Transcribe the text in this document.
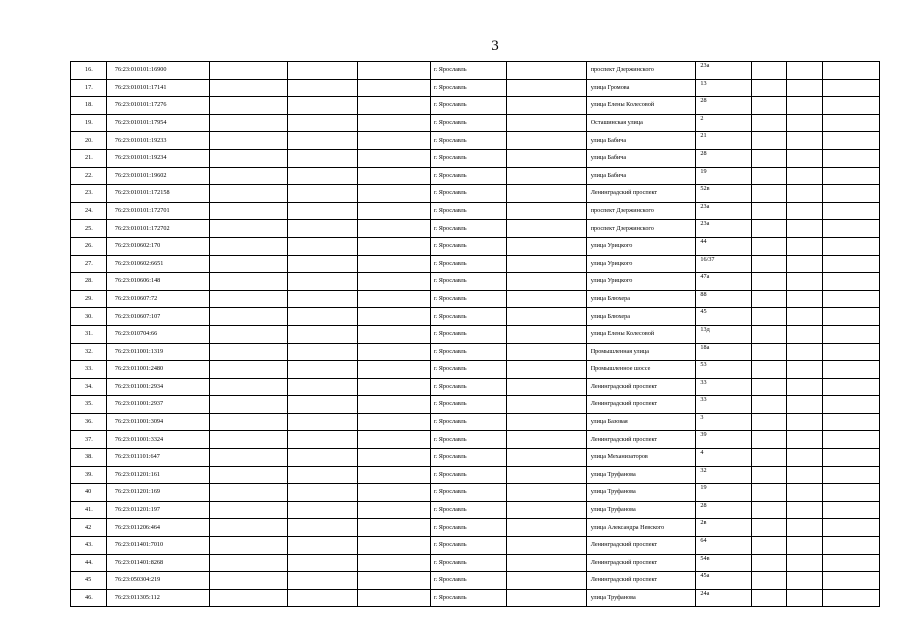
3
16.	76:23:010101:16900				г. Ярославль		проспект Дзержинского	23а			
17.	76:23:010101:17141				г. Ярославль		улица Громова	13			
18.	76:23:010101:17276				г. Ярославль		улица Елены Колесовой	28			
19.	76:23:010101:17954				г. Ярославль		Осташинская улица	2			
20.	76:23:010101:19233				г. Ярославль		улица Бабича	21			
21.	76:23:010101:19234				г. Ярославль		улица Бабича	28			
22.	76:23:010101:19602				г. Ярославль		улица Бабича	19			
23.	76:23:010101:172158				г. Ярославль		Ленинградский проспект	52в			
24.	76:23:010101:172701				г. Ярославль		проспект Дзержинского	23а			
25.	76:23:010101:172702				г. Ярославль		проспект Дзержинского	23а			
26.	76:23:010602:170				г. Ярославль		улица Урицкого	44			
27.	76:23:010602:6651				г. Ярославль		улица Урицкого	16/37			
28.	76:23:010606:148				г. Ярославль		улица Урицкого	47а			
29.	76:23:010607:72				г. Ярославль		улица Блюхера	88			
30.	76:23:010607:107				г. Ярославль		улица Блюхера	45			
31.	76:23:010704:66				г. Ярославль		улица Елены Колесовой	13д			
32.	76:23:011001:1319				г. Ярославль		Промышленная улица	18а			
33.	76:23:011001:2480				г. Ярославль		Промышленное шоссе	53			
34.	76:23:011001:2934				г. Ярославль		Ленинградский проспект	33			
35.	76:23:011001:2937				г. Ярославль		Ленинградский проспект	33			
36.	76:23:011001:3094				г. Ярославль		улица Базовая	3			
37.	76:23:011001:3324				г. Ярославль		Ленинградский проспект	39			
38.	76:23:011101:647				г. Ярославль		улица Механизаторов	4			
39.	76:23:011201:161				г. Ярославль		улица Труфанова	32			
40	76:23:011201:169				г. Ярославль		улица Труфанова	19			
41.	76:23:011201:197				г. Ярославль		улица Труфанова	28			
42	76:23:011206:464				г. Ярославль		улица Александра Невского	2в			
43.	76:23:011401:7010				г. Ярославль		Ленинградский проспект	64			
44.	76:23:011401:8268				г. Ярославль		Ленинградский проспект	54в			
45	76:23:050304:219				г. Ярославль		Ленинградский проспект	45а			
46.	76:23:011305:112				г. Ярославль		улица Труфанова	24а			
